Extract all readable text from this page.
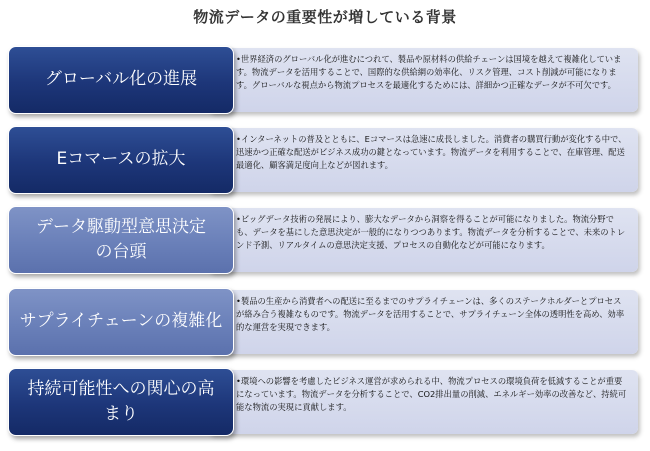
物流データの重要性が増している背景
•世界経済のグローバル化が進むにつれて、製品や原材料の供給チェーンは国境を越えて複雑化しています。物流データを活用することで、国際的な供給網の効率化、リスク管理、コスト削減が可能になります。グローバルな視点から物流プロセスを最適化するためには、詳細かつ正確なデータが不可欠です。
グローバル化の進展
•インターネットの普及とともに、Eコマースは急速に成長しました。消費者の購買行動が変化する中で、迅速かつ正確な配送がビジネス成功の鍵となっています。物流データを利用することで、在庫管理、配送最適化、顧客満足度向上などが図れます。
Eコマースの拡大
•ビッグデータ技術の発展により、膨大なデータから洞察を得ることが可能になりました。物流分野でも、データを基にした意思決定が一般的になりつつあります。物流データを分析することで、未来のトレンド予測、リアルタイムの意思決定支援、プロセスの自動化などが可能になります。
データ駆動型意思決定の台頭
•製品の生産から消費者への配送に至るまでのサプライチェーンは、多くのステークホルダーとプロセスが絡み合う複雑なものです。物流データを活用することで、サプライチェーン全体の透明性を高め、効率的な運営を実現できます。
サプライチェーンの複雑化
•環境への影響を考慮したビジネス運営が求められる中、物流プロセスの環境負荷を低減することが重要になっています。物流データを分析することで、CO2排出量の削減、エネルギー効率の改善など、持続可能な物流の実現に貢献します。
持続可能性への関心の高まり
